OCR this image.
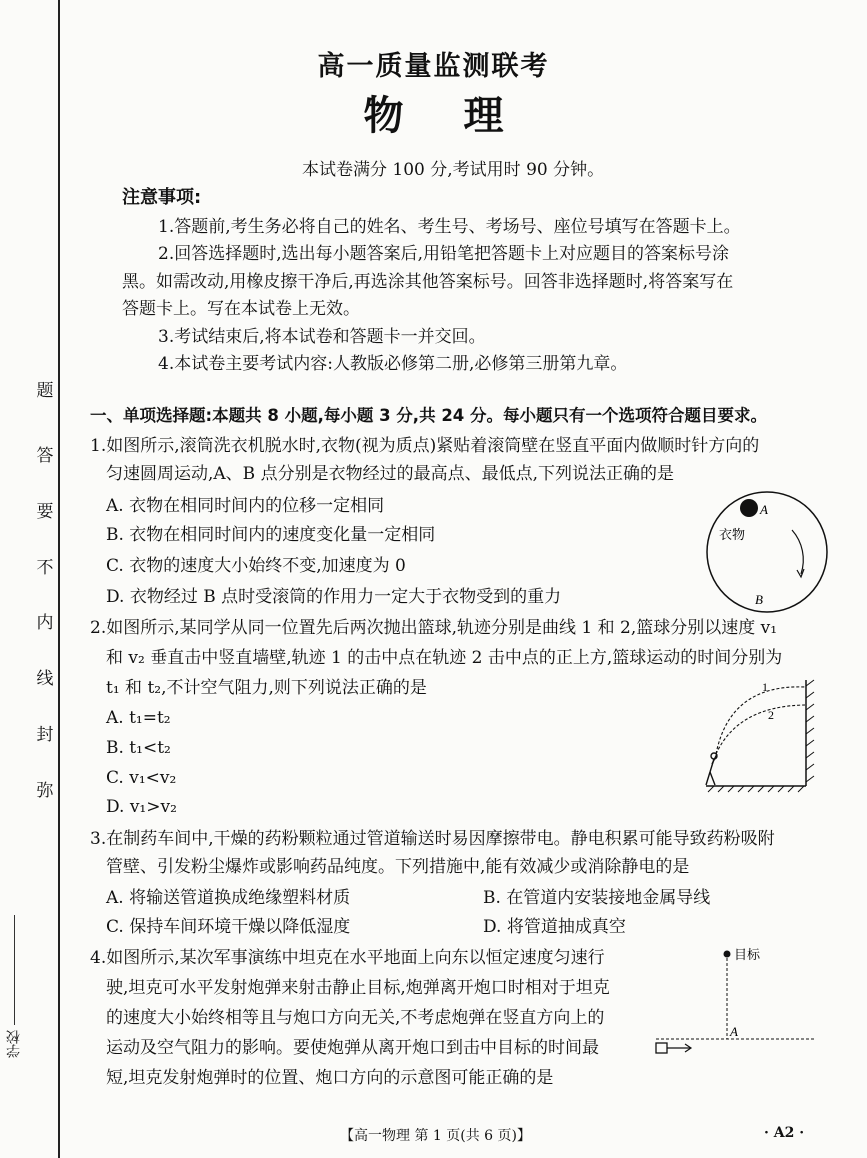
题
答
要
不
内
线
封
弥
学校
高一质量监测联考
物理
本试卷满分 100 分,考试用时 90 分钟。
注意事项:
1.答题前,考生务必将自己的姓名、考生号、考场号、座位号填写在答题卡上。
2.回答选择题时,选出每小题答案后,用铅笔把答题卡上对应题目的答案标号涂
黑。如需改动,用橡皮擦干净后,再选涂其他答案标号。回答非选择题时,将答案写在
答题卡上。写在本试卷上无效。
3.考试结束后,将本试卷和答题卡一并交回。
4.本试卷主要考试内容:人教版必修第二册,必修第三册第九章。
一、单项选择题:本题共 8 小题,每小题 3 分,共 24 分。每小题只有一个选项符合题目要求。
1.如图所示,滚筒洗衣机脱水时,衣物(视为质点)紧贴着滚筒壁在竖直平面内做顺时针方向的
匀速圆周运动,A、B 点分别是衣物经过的最高点、最低点,下列说法正确的是
A. 衣物在相同时间内的位移一定相同
B. 衣物在相同时间内的速度变化量一定相同
C. 衣物的速度大小始终不变,加速度为 0
D. 衣物经过 B 点时受滚筒的作用力一定大于衣物受到的重力
A
衣物
B
2.如图所示,某同学从同一位置先后两次抛出篮球,轨迹分别是曲线 1 和 2,篮球分别以速度 v₁
和 v₂ 垂直击中竖直墙壁,轨迹 1 的击中点在轨迹 2 击中点的正上方,篮球运动的时间分别为
t₁ 和 t₂,不计空气阻力,则下列说法正确的是
A. t₁=t₂
B. t₁<t₂
C. v₁<v₂
D. v₁>v₂
1
2
3.在制药车间中,干燥的药粉颗粒通过管道输送时易因摩擦带电。静电积累可能导致药粉吸附
管壁、引发粉尘爆炸或影响药品纯度。下列措施中,能有效减少或消除静电的是
A. 将输送管道换成绝缘塑料材质	B. 在管道内安装接地金属导线
C. 保持车间环境干燥以降低湿度	D. 将管道抽成真空
4.如图所示,某次军事演练中坦克在水平地面上向东以恒定速度匀速行
驶,坦克可水平发射炮弹来射击静止目标,炮弹离开炮口时相对于坦克
的速度大小始终相等且与炮口方向无关,不考虑炮弹在竖直方向上的
运动及空气阻力的影响。要使炮弹从离开炮口到击中目标的时间最
短,坦克发射炮弹时的位置、炮口方向的示意图可能正确的是
目标
A
【高一物理 第 1 页(共 6 页)】	· A2 ·
